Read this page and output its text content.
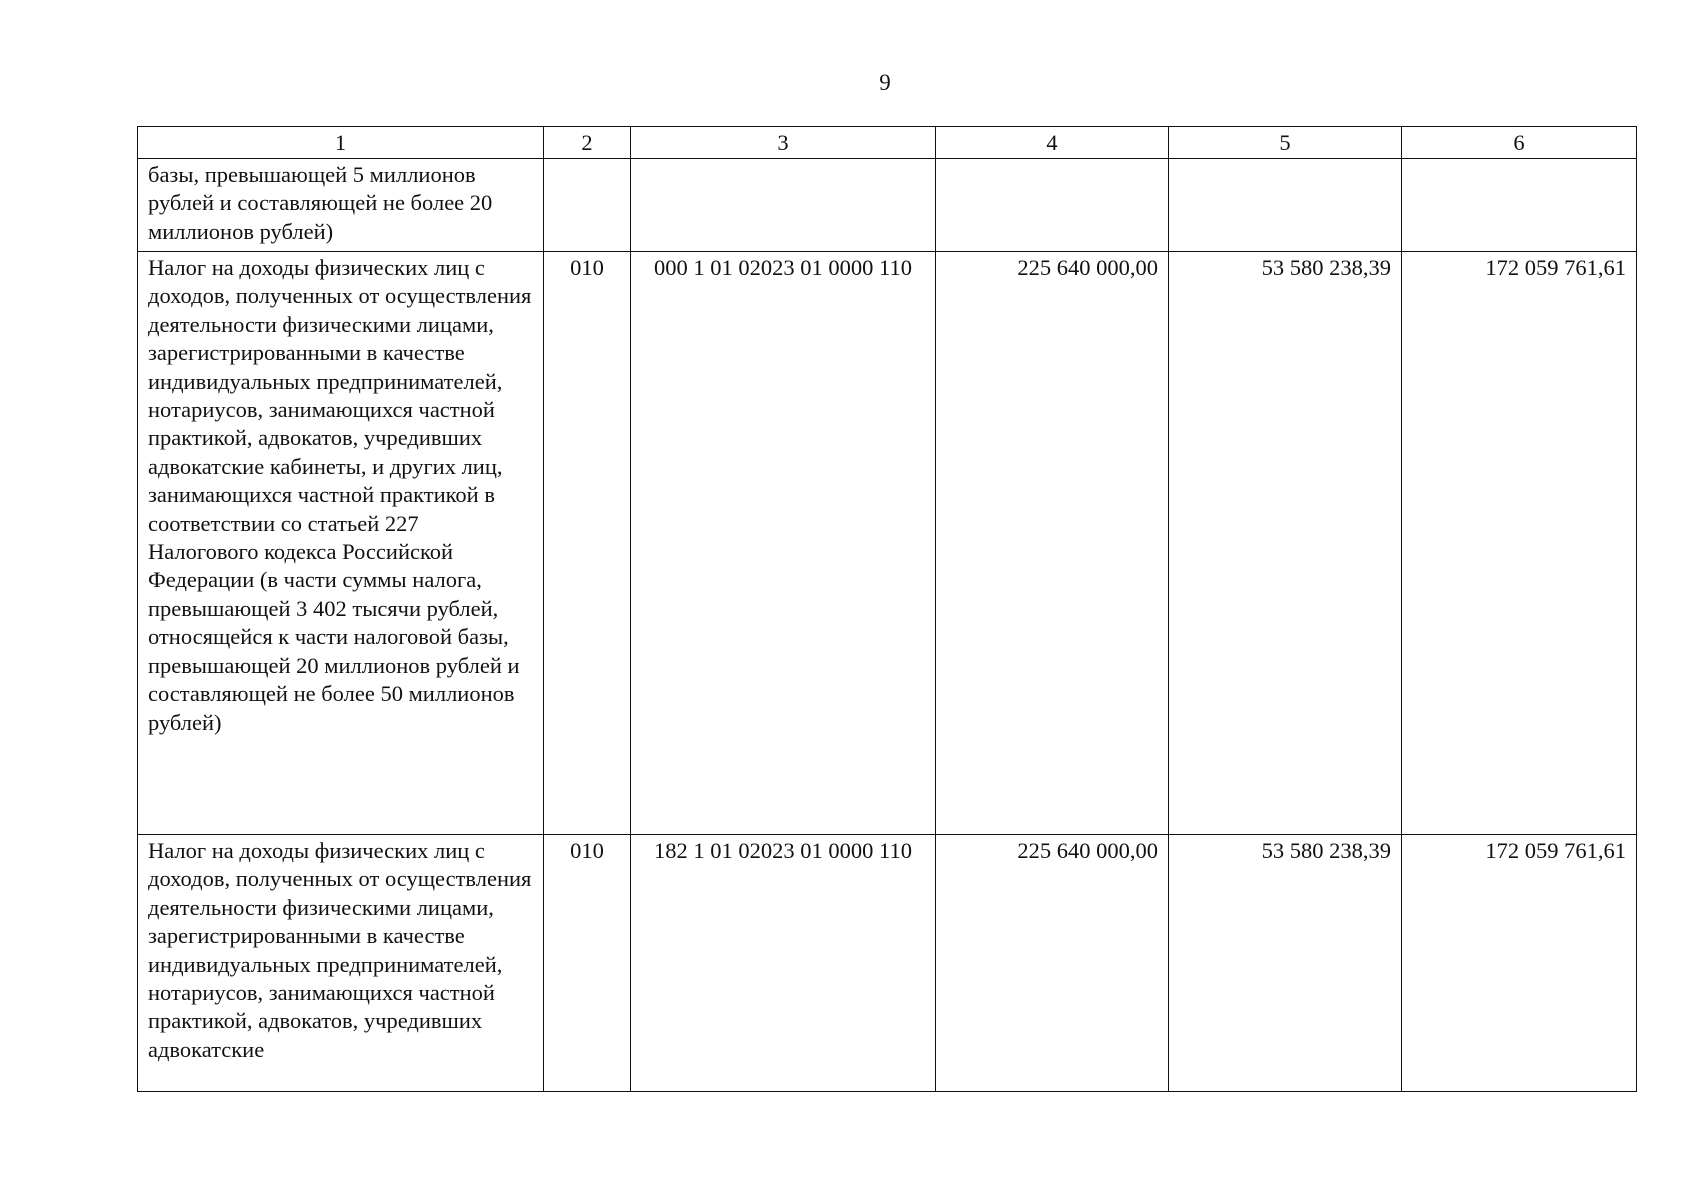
9
1	2	3	4	5	6
базы, превышающей 5 миллионов рублей и составляющей не более 20 миллионов рублей)					
Налог на доходы физических лиц с доходов, полученных от осуществления деятельности физическими лицами, зарегистрированными в качестве индивидуальных предпринимателей, нотариусов, занимающихся частной практикой, адвокатов, учредивших адвокатские кабинеты, и других лиц, занимающихся частной практикой в соответствии со статьей 227 Налогового кодекса Российской Федерации (в части суммы налога, превышающей 3 402 тысячи рублей, относящейся к части налоговой базы, превышающей 20 миллионов рублей и составляющей не более 50 миллионов рублей)	010	000 1 01 02023 01 0000 110	225 640 000,00	53 580 238,39	172 059 761,61
Налог на доходы физических лиц с доходов, полученных от осуществления деятельности физическими лицами, зарегистрированными в качестве индивидуальных предпринимателей, нотариусов, занимающихся частной практикой, адвокатов, учредивших адвокатские	010	182 1 01 02023 01 0000 110	225 640 000,00	53 580 238,39	172 059 761,61
